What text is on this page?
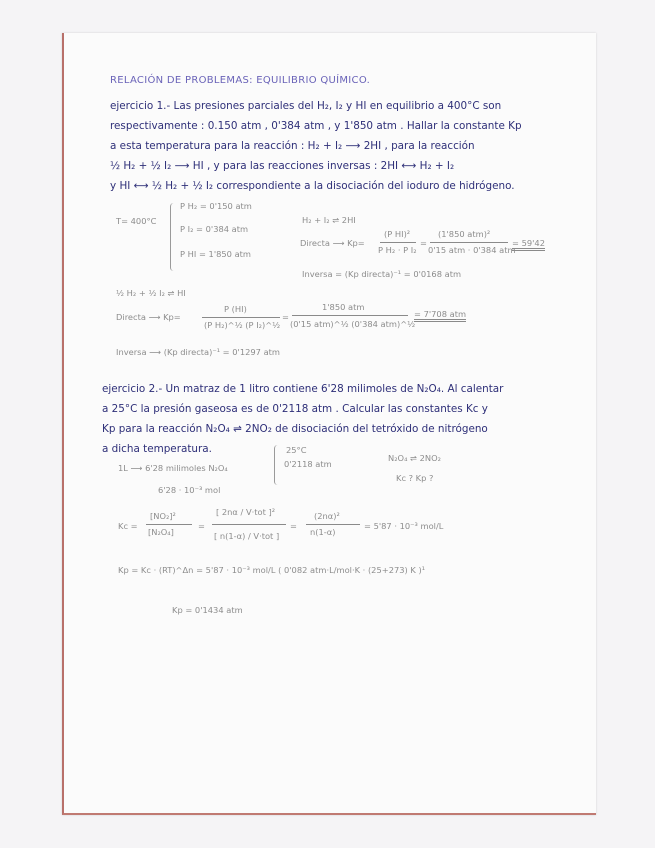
RELACIÓN DE PROBLEMAS: EQUILIBRIO QUÍMICO.
ejercicio 1.- Las presiones parciales del H₂, I₂ y HI en equilibrio a 400°C son
respectivamente : 0.150 atm , 0'384 atm , y 1'850 atm . Hallar la constante Kp
a esta temperatura para la reacción : H₂ + I₂ ⟶ 2HI , para la reacción
½ H₂ + ½ I₂ ⟶ HI , y para las reacciones inversas : 2HI ⟷ H₂ + I₂
y HI ⟷ ½ H₂ + ½ I₂ correspondiente a la disociación del ioduro de hidrógeno.
T= 400°C
P H₂ = 0'150 atm
P I₂ = 0'384 atm
P HI = 1'850 atm
H₂ + I₂ ⇌ 2HI
Directa ⟶ Kp=
(P HI)²
P H₂ · P I₂
=
(1'850 atm)²
0'15 atm · 0'384 atm
= 59'42
Inversa = (Kp directa)⁻¹ = 0'0168 atm
½ H₂ + ½ I₂ ⇌ HI
Directa ⟶ Kp=
P (HI)
(P H₂)^½ (P I₂)^½
=
1'850 atm
(0'15 atm)^½ (0'384 atm)^½
= 7'708 atm
Inversa ⟶ (Kp directa)⁻¹ = 0'1297 atm
ejercicio 2.- Un matraz de 1 litro contiene 6'28 milimoles de N₂O₄. Al calentar
a 25°C la presión gaseosa es de 0'2118 atm . Calcular las constantes Kc y
Kp para la reacción N₂O₄ ⇌ 2NO₂ de disociación del tetróxido de nitrógeno
a dicha temperatura.
1L ⟶ 6'28 milimoles N₂O₄
6'28 · 10⁻³ mol
25°C
0'2118 atm
N₂O₄ ⇌ 2NO₂
Kc ? Kp ?
Kc =
[NO₂]²
[N₂O₄]
=
[ 2nα / V·tot ]²
[ n(1-α) / V·tot ]
=
(2nα)²
n(1-α)
= 5'87 · 10⁻³ mol/L
Kp = Kc · (RT)^Δn = 5'87 · 10⁻³ mol/L ( 0'082 atm·L/mol·K · (25+273) K )¹
Kp = 0'1434 atm
